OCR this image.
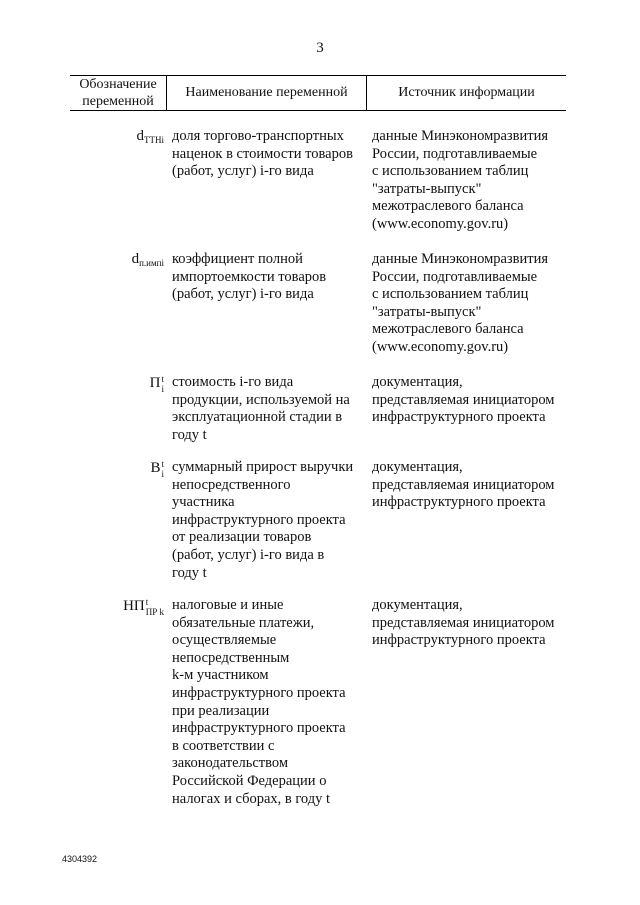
3
Обозначение переменной
Наименование переменной	Источник информации
$d_{ТТНi}$ доля торгово-транспортных
наценок в стоимости товаров
(работ, услуг) i-го вида
данные Минэкономразвития
России, подготавливаемые
с использованием таблиц
"затраты-выпуск"
межотраслевого баланса
(www.economy.gov.ru)
$d_{п.импi}$ коэффициент полной
импортоемкости товаров
(работ, услуг) i-го вида
данные Минэкономразвития
России, подготавливаемые
с использованием таблиц
"затраты-выпуск"
межотраслевого баланса
(www.economy.gov.ru)
Пt
i стоимость i-го вида
продукции, используемой на
эксплуатационной стадии в
году t
документация,
представляемая инициатором
инфраструктурного проекта
Вt
i суммарный прирост выручки
непосредственного
участника
инфраструктурного проекта
от реализации товаров
(работ, услуг) i-го вида в
году t
документация,
представляемая инициатором
инфраструктурного проекта
НПt
ПР k налоговые и иные
обязательные платежи,
осуществляемые
непосредственным
k-м участником
инфраструктурного проекта
при реализации
инфраструктурного проекта
в соответствии с
законодательством
Российской Федерации о
налогах и сборах, в году t
документация,
представляемая инициатором
инфраструктурного проекта
4304392
